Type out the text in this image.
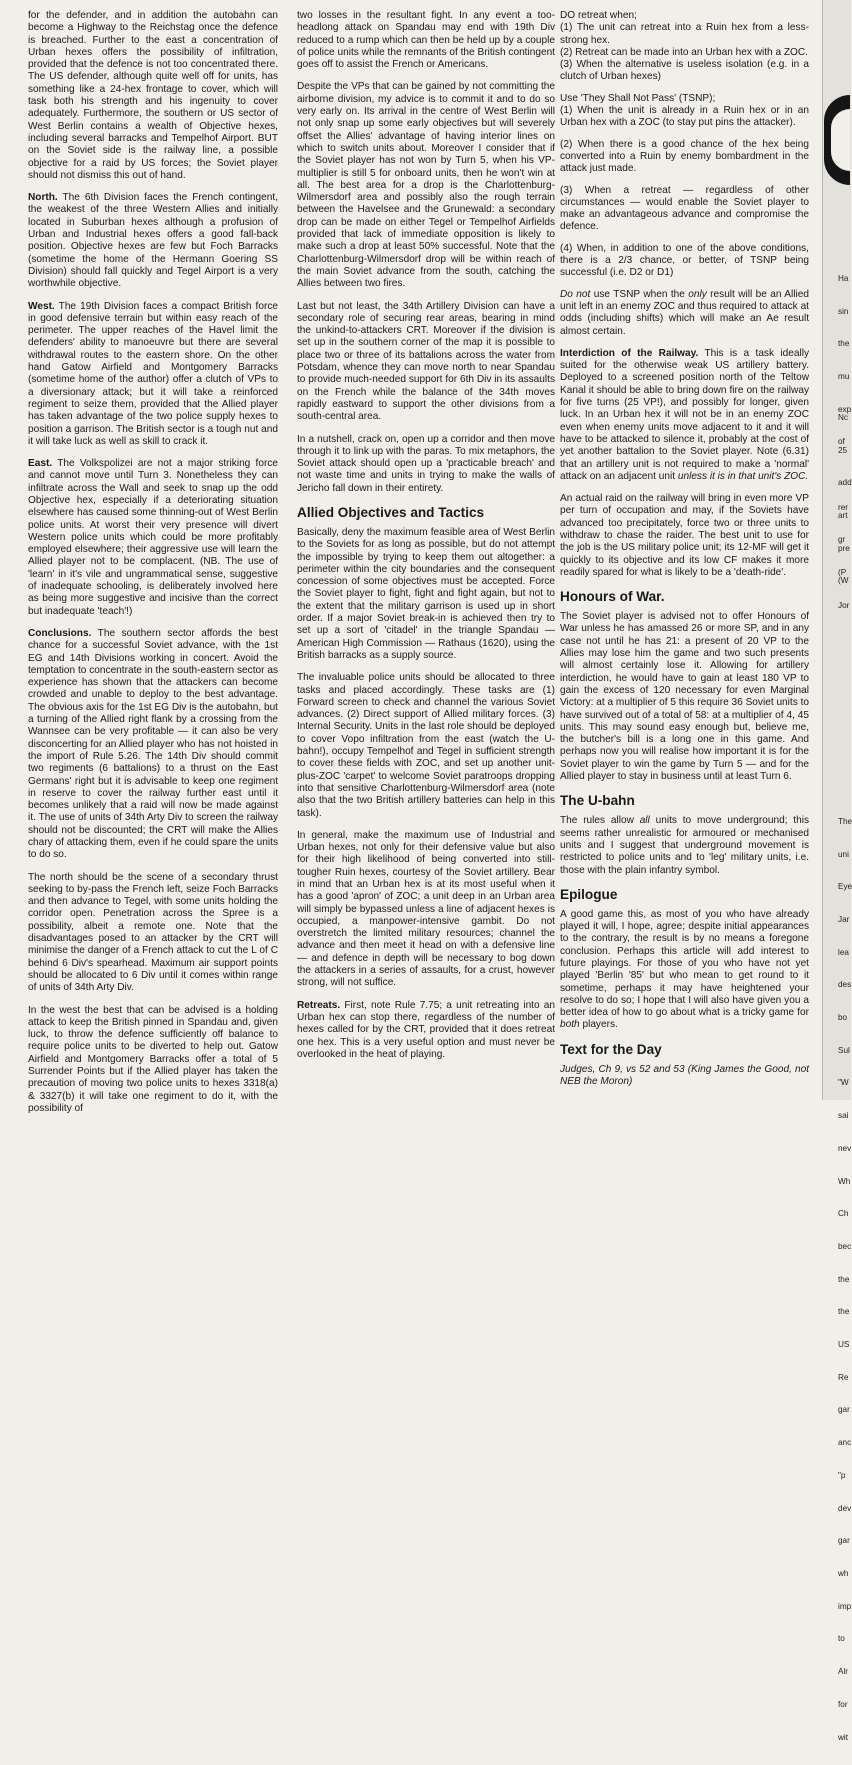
for the defender, and in addition the autobahn can become a Highway to the Reichstag once the defence is breached. Further to the east a concentration of Urban hexes offers the possibility of infiltration, provided that the defence is not too concentrated there. The US defender, although quite well off for units, has something like a 24-hex frontage to cover, which will task both his strength and his ingenuity to cover adequately. Furthermore, the southern or US sector of West Berlin contains a wealth of Objective hexes, including several barracks and Tempelhof Airport. BUT on the Soviet side is the railway line, a possible objective for a raid by US forces; the Soviet player should not dismiss this out of hand.

North. The 6th Division faces the French contingent, the weakest of the three Western Allies and initially located in Suburban hexes although a profusion of Urban and Industrial hexes offers a good fall-back position. Objective hexes are few but Foch Barracks (sometime the home of the Hermann Goering SS Division) should fall quickly and Tegel Airport is a very worthwhile objective.

West. The 19th Division faces a compact British force in good defensive terrain but within easy reach of the perimeter. The upper reaches of the Havel limit the defenders' ability to manoeuvre but there are several withdrawal routes to the eastern shore. On the other hand Gatow Airfield and Montgomery Barracks (sometime home of the author) offer a clutch of VPs to a diversionary attack; but it will take a reinforced regiment to seize them, provided that the Allied player has taken advantage of the two police supply hexes to position a garrison. The British sector is a tough nut and it will take luck as well as skill to crack it.

East. The Volkspolizei are not a major striking force and cannot move until Turn 3. Nonetheless they can infiltrate across the Wall and seek to snap up the odd Objective hex, especially if a deteriorating situation elsewhere has caused some thinning-out of West Berlin police units. At worst their very presence will divert Western police units which could be more profitably employed elsewhere; their aggressive use will learn the Allied player not to be complacent. (NB. The use of 'learn' in it's vile and ungrammatical sense, suggestive of inadequate schooling, is deliberately involved here as being more suggestive and incisive than the correct but inadequate 'teach'!)

Conclusions. The southern sector affords the best chance for a successful Soviet advance, with the 1st EG and 14th Divisions working in concert. Avoid the temptation to concentrate in the south-eastern sector as experience has shown that the attackers can become crowded and unable to deploy to the best advantage. The obvious axis for the 1st EG Div is the autobahn, but a turning of the Allied right flank by a crossing from the Wannsee can be very profitable — it can also be very disconcerting for an Allied player who has not hoisted in the import of Rule 5.26. The 14th Div should commit two regiments (6 battalions) to a thrust on the East Germans' right but it is advisable to keep one regiment in reserve to cover the railway further east until it becomes unlikely that a raid will now be made against it. The use of units of 34th Arty Div to screen the railway should not be discounted; the CRT will make the Allies chary of attacking them, even if he could spare the units to do so.

The north should be the scene of a secondary thrust seeking to by-pass the French left, seize Foch Barracks and then advance to Tegel, with some units holding the corridor open. Penetration across the Spree is a possibility, albeit a remote one. Note that the disadvantages posed to an attacker by the CRT will minimise the danger of a French attack to cut the L of C behind 6 Div's spearhead. Maximum air support points should be allocated to 6 Div until it comes within range of units of 34th Arty Div.

In the west the best that can be advised is a holding attack to keep the British pinned in Spandau and, given luck, to throw the defence sufficiently off balance to require police units to be diverted to help out. Gatow Airfield and Montgomery Barracks offer a total of 5 Surrender Points but if the Allied player has taken the precaution of moving two police units to hexes 3318(a) & 3327(b) it will take one regiment to do it, with the possibility of

two losses in the resultant fight. In any event a too-headlong attack on Spandau may end with 19th Div reduced to a rump which can then be held up by a couple of police units while the remnants of the British contingent goes off to assist the French or Americans.

Despite the VPs that can be gained by not committing the airborne division, my advice is to commit it and to do so very early on. Its arrival in the centre of West Berlin will not only snap up some early objectives but will severely offset the Allies' advantage of having interior lines on which to switch units about. Moreover I consider that if the Soviet player has not won by Turn 5, when his VP-multiplier is still 5 for onboard units, then he won't win at all. The best area for a drop is the Charlottenburg-Wilmersdorf area and possibly also the rough terrain between the Havelsee and the Grunewald: a secondary drop can be made on either Tegel or Tempelhof Airfields provided that lack of immediate opposition is likely to make such a drop at least 50% successful. Note that the Charlottenburg-Wilmersdorf drop will be within reach of the main Soviet advance from the south, catching the Allies between two fires.

Last but not least, the 34th Artillery Division can have a secondary role of securing rear areas, bearing in mind the unkind-to-attackers CRT. Moreover if the division is set up in the southern corner of the map it is possible to place two or three of its battalions across the water from Potsdam, whence they can move north to near Spandau to provide much-needed support for 6th Div in its assaults on the French while the balance of the 34th moves rapidly eastward to support the other divisions from a south-central area.

In a nutshell, crack on, open up a corridor and then move through it to link up with the paras. To mix metaphors, the Soviet attack should open up a 'practicable breach' and not waste time and units in trying to make the walls of Jericho fall down in their entirety.

Allied Objectives and Tactics

Basically, deny the maximum feasible area of West Berlin to the Soviets for as long as possible, but do not attempt the impossible by trying to keep them out altogether: a perimeter within the city boundaries and the consequent concession of some objectives must be accepted. Force the Soviet player to fight, fight and fight again, but not to the extent that the military garrison is used up in short order. If a major Soviet break-in is achieved then try to set up a sort of 'citadel' in the triangle Spandau — American High Commission — Rathaus (1620), using the British barracks as a supply source.

The invaluable police units should be allocated to three tasks and placed accordingly. These tasks are (1) Forward screen to check and channel the various Soviet advances. (2) Direct support of Allied military forces. (3) Internal Security. Units in the last role should be deployed to cover Vopo infiltration from the east (watch the U-bahn!), occupy Tempelhof and Tegel in sufficient strength to cover these fields with ZOC, and set up another unit-plus-ZOC 'carpet' to welcome Soviet paratroops dropping into that sensitive Charlottenburg-Wilmersdorf area (note also that the two British artillery batteries can help in this task).

In general, make the maximum use of Industrial and Urban hexes, not only for their defensive value but also for their high likelihood of being converted into still-tougher Ruin hexes, courtesy of the Soviet artillery. Bear in mind that an Urban hex is at its most useful when it has a good 'apron' of ZOC; a unit deep in an Urban area will simply be bypassed unless a line of adjacent hexes is occupied, a manpower-intensive gambit. Do not overstretch the limited military resources; channel the advance and then meet it head on with a defensive line — and defence in depth will be necessary to bog down the attackers in a series of assaults, for a crust, however strong, will not suffice.

Retreats. First, note Rule 7.75; a unit retreating into an Urban hex can stop there, regardless of the number of hexes called for by the CRT, provided that it does retreat one hex. This is a very useful option and must never be overlooked in the heat of playing.

DO retreat when;

(1) The unit can retreat into a Ruin hex from a less-strong hex.

(2) Retreat can be made into an Urban hex with a ZOC.

(3) When the alternative is useless isolation (e.g. in a clutch of Urban hexes)

Use 'They Shall Not Pass' (TSNP);

(1) When the unit is already in a Ruin hex or in an Urban hex with a ZOC (to stay put pins the attacker).

(2) When there is a good chance of the hex being converted into a Ruin by enemy bombardment in the attack just made.

(3) When a retreat — regardless of other circumstances — would enable the Soviet player to make an advantageous advance and compromise the defence.

(4) When, in addition to one of the above conditions, there is a 2/3 chance, or better, of TSNP being successful (i.e. D2 or D1)

Do not use TSNP when the only result will be an Allied unit left in an enemy ZOC and thus required to attack at odds (including shifts) which will make an Ae result almost certain.

Interdiction of the Railway. This is a task ideally suited for the otherwise weak US artillery battery. Deployed to a screened position north of the Teltow Kanal it should be able to bring down fire on the railway for five turns (25 VP!), and possibly for longer, given luck. In an Urban hex it will not be in an enemy ZOC even when enemy units move adjacent to it and it will have to be attacked to silence it, probably at the cost of yet another battalion to the Soviet player. Note (6.31) that an artillery unit is not required to make a 'normal' attack on an adjacent unit unless it is in that unit's ZOC.

An actual raid on the railway will bring in even more VP per turn of occupation and may, if the Soviets have advanced too precipitately, force two or three units to withdraw to chase the raider. The best unit to use for the job is the US military police unit; its 12-MF will get it quickly to its objective and its low CF makes it more readily spared for what is likely to be a 'death-ride'.

Honours of War.

The Soviet player is advised not to offer Honours of War unless he has amassed 26 or more SP, and in any case not until he has 21: a present of 20 VP to the Allies may lose him the game and two such presents will almost certainly lose it. Allowing for artillery interdiction, he would have to gain at least 180 VP to gain the excess of 120 necessary for even Marginal Victory: at a multiplier of 5 this require 36 Soviet units to have survived out of a total of 58: at a multiplier of 4, 45 units. This may sound easy enough but, believe me, the butcher's bill is a long one in this game. And perhaps now you will realise how important it is for the Soviet player to win the game by Turn 5 — and for the Allied player to stay in business until at least Turn 6.

The U-bahn

The rules allow all units to move underground; this seems rather unrealistic for armoured or mechanised units and I suggest that underground movement is restricted to police units and to 'leg' military units, i.e. those with the plain infantry symbol.

Epilogue

A good game this, as most of you who have already played it will, I hope, agree; despite initial appearances to the contrary, the result is by no means a foregone conclusion. Perhaps this article will add interest to future playings. For those of you who have not yet played 'Berlin '85' but who mean to get round to it sometime, perhaps it may have heightened your resolve to do so; I hope that I will also have given you a better idea of how to go about what is a tricky game for both players.

Text for the Day

Judges, Ch 9, vs 52 and 53 (King James the Good, not NEB the Moron)

Ha

sin

the

mu

exp

of

rer

gr

(P

Jor

Nc

25

add

art

pre

(W

The

uni

Eye

Jar

lea

des

bo

Sul

"W

sai

nev

Wh

Ch

bec

the

the

US

Re

gar

anc

"p

dev

gar

wh

imp

to

Alr

for

wit
